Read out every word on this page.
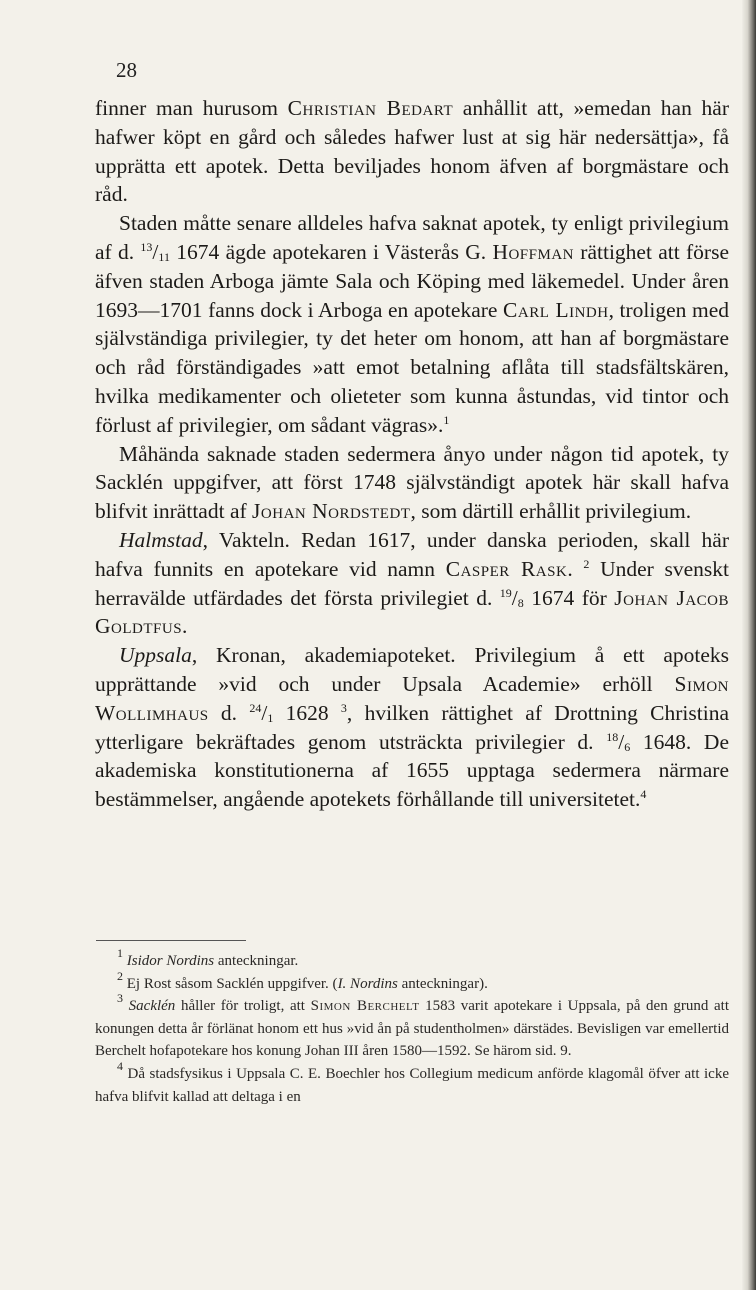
28

finner man hurusom Christian Bedart anhållit att, »emedan han här hafwer köpt en gård och således hafwer lust at sig här nedersättja», få upprätta ett apotek. Detta beviljades honom äfven af borgmästare och råd.

Staden måtte senare alldeles hafva saknat apotek, ty enligt privilegium af d. $^{13}/_{11}$ 1674 ägde apotekaren i Västerås G. Hoffman rättighet att förse äfven staden Arboga jämte Sala och Köping med läkemedel. Under åren 1693—1701 fanns dock i Arboga en apotekare Carl Lindh, troligen med självständiga privilegier, ty det heter om honom, att han af borgmästare och råd förständigades »att emot betalning aflåta till stadsfältskären, hvilka medikamenter och olieteter som kunna åstundas, vid tintor och förlust af privilegier, om sådant vägras».$^1$

Måhända saknade staden sedermera ånyo under någon tid apotek, ty Sacklén uppgifver, att först 1748 självständigt apotek här skall hafva blifvit inrättadt af Johan Nordstedt, som därtill erhållit privilegium.

Halmstad, Vakteln. Redan 1617, under danska perioden, skall här hafva funnits en apotekare vid namn Casper Rask. $^2$ Under svenskt herravälde utfärdades det första privilegiet d. $^{19}/_8$ 1674 för Johan Jacob Goldtfus.

Uppsala, Kronan, akademiapoteket. Privilegium å ett apoteks upprättande »vid och under Upsala Academie» erhöll Simon Wollimhaus d. $^{24}/_1$ 1628 $^3$, hvilken rättighet af Drottning Christina ytterligare bekräftades genom utsträckta privilegier d. $^{18}/_6$ 1648. De akademiska konstitutionerna af 1655 upptaga sedermera närmare bestämmelser, angående apotekets förhållande till universitetet.$^4$

$^1$ Isidor Nordins anteckningar.

$^2$ Ej Rost såsom Sacklén uppgifver. (I. Nordins anteckningar).

$^3$ Sacklén håller för troligt, att Simon Berchelt 1583 varit apotekare i Uppsala, på den grund att konungen detta år förlänat honom ett hus »vid ån på studentholmen» därstädes. Bevisligen var emellertid Berchelt hofapotekare hos konung Johan III åren 1580—1592. Se härom sid. 9.

$^4$ Då stadsfysikus i Uppsala C. E. Boechler hos Collegium medicum anförde klagomål öfver att icke hafva blifvit kallad att deltaga i en
